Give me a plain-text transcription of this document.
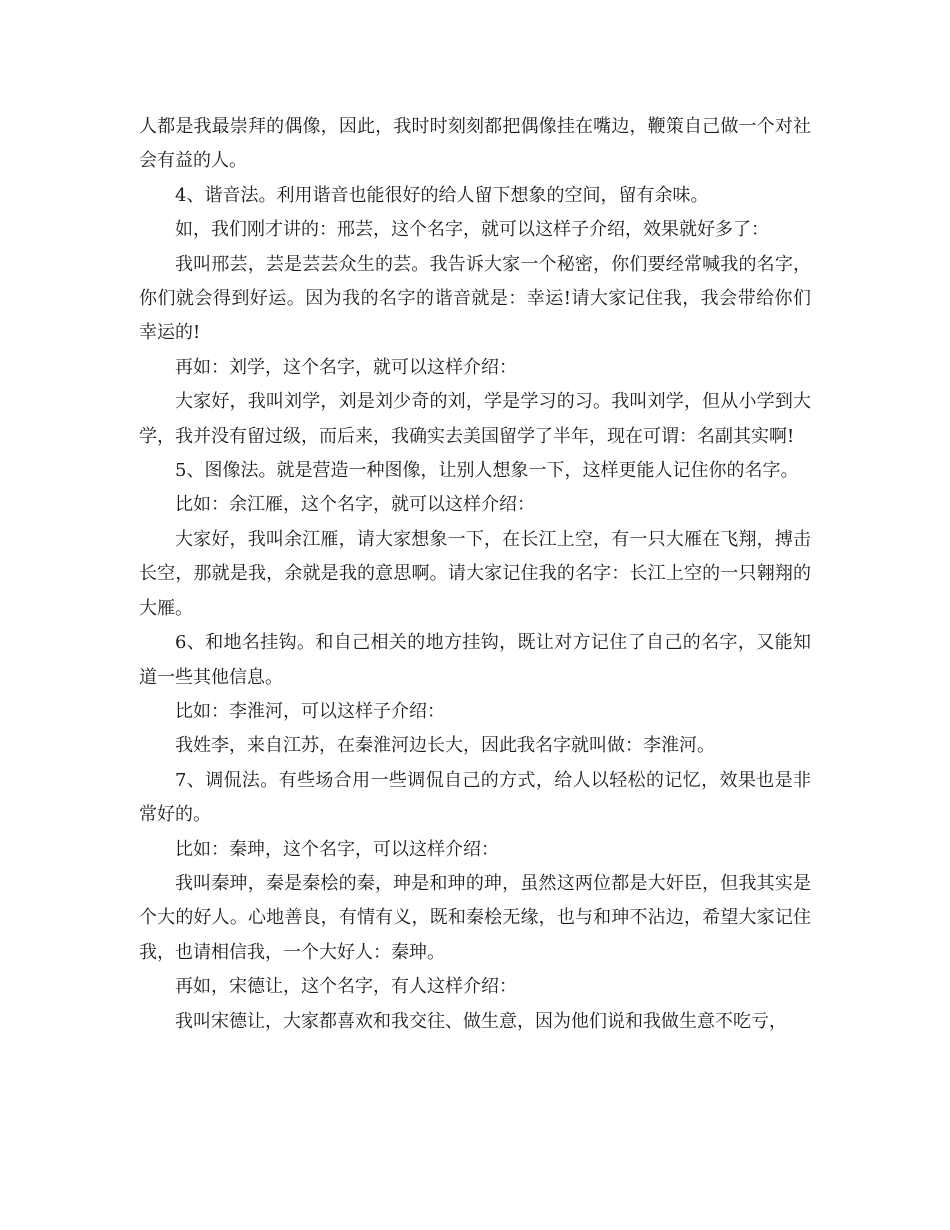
人都是我最崇拜的偶像，因此，我时时刻刻都把偶像挂在嘴边，鞭策自己做一个对社会有益的人。

4、谐音法。利用谐音也能很好的给人留下想象的空间，留有余味。

如，我们刚才讲的：邢芸，这个名字，就可以这样子介绍，效果就好多了：

我叫邢芸，芸是芸芸众生的芸。我告诉大家一个秘密，你们要经常喊我的名字，你们就会得到好运。因为我的名字的谐音就是：幸运!请大家记住我，我会带给你们幸运的!

再如：刘学，这个名字，就可以这样介绍：

大家好，我叫刘学，刘是刘少奇的刘，学是学习的习。我叫刘学，但从小学到大学，我并没有留过级，而后来，我确实去美国留学了半年，现在可谓：名副其实啊!

5、图像法。就是营造一种图像，让别人想象一下，这样更能人记住你的名字。

比如：余江雁，这个名字，就可以这样介绍：

大家好，我叫余江雁，请大家想象一下，在长江上空，有一只大雁在飞翔，搏击长空，那就是我，余就是我的意思啊。请大家记住我的名字：长江上空的一只翱翔的大雁。

6、和地名挂钩。和自己相关的地方挂钩，既让对方记住了自己的名字，又能知道一些其他信息。

比如：李淮河，可以这样子介绍：

我姓李，来自江苏，在秦淮河边长大，因此我名字就叫做：李淮河。

7、调侃法。有些场合用一些调侃自己的方式，给人以轻松的记忆，效果也是非常好的。

比如：秦珅，这个名字，可以这样介绍：

我叫秦珅，秦是秦桧的秦，珅是和珅的珅，虽然这两位都是大奸臣，但我其实是个大的好人。心地善良，有情有义，既和秦桧无缘，也与和珅不沾边，希望大家记住我，也请相信我，一个大好人：秦珅。

再如，宋德让，这个名字，有人这样介绍：

我叫宋德让，大家都喜欢和我交往、做生意，因为他们说和我做生意不吃亏，
